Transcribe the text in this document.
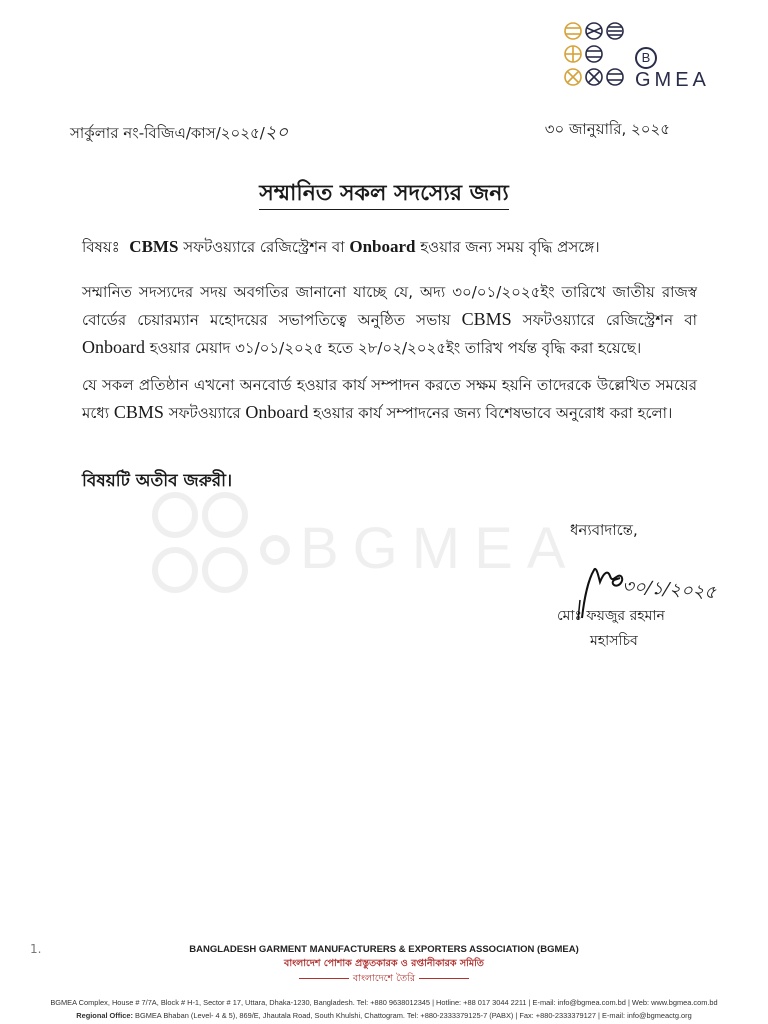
BGMEA
BGMEA
সার্কুলার নং-বিজিএ/কাস/২০২৫/২০	৩০ জানুয়ারি, ২০২৫
সম্মানিত সকল সদস্যের জন্য
বিষয়ঃ CBMS সফটওয়্যারে রেজিস্ট্রেশন বা Onboard হওয়ার জন্য সময় বৃদ্ধি প্রসঙ্গে।
সম্মানিত সদস্যদের সদয় অবগতির জানানো যাচ্ছে যে, অদ্য ৩০/০১/২০২৫ইং তারিখে জাতীয় রাজস্ব বোর্ডের চেয়ারম্যান মহোদয়ের সভাপতিত্বে অনুষ্ঠিত সভায় CBMS সফটওয়্যারে রেজিস্ট্রেশন বা Onboard হওয়ার মেয়াদ ৩১/০১/২০২৫ হতে ২৮/০২/২০২৫ইং তারিখ পর্যন্ত বৃদ্ধি করা হয়েছে।
যে সকল প্রতিষ্ঠান এখনো অনবোর্ড হওয়ার কার্য সম্পাদন করতে সক্ষম হয়নি তাদেরকে উল্লেখিত সময়ের মধ্যে CBMS সফটওয়্যারে Onboard হওয়ার কার্য সম্পাদনের জন্য বিশেষভাবে অনুরোধ করা হলো।
বিষয়টি অতীব জরুরী।
ধন্যবাদান্তে,
৩০/১/২০২৫
মোঃ ফয়জুর রহমান
মহাসচিব
1.	BANGLADESH GARMENT MANUFACTURERS & EXPORTERS ASSOCIATION (BGMEA)
বাংলাদেশ পোশাক প্রস্তুতকারক ও রপ্তানীকারক সমিতি
বাংলাদেশে তৈরি
BGMEA Complex, House # 7/7A, Block # H-1, Sector # 17, Uttara, Dhaka-1230, Bangladesh. Tel: +880 9638012345 | Hotline: +88 017 3044 2211 | E-mail: info@bgmea.com.bd | Web: www.bgmea.com.bd
Regional Office: BGMEA Bhaban (Level- 4 & 5), 869/E, Jhautala Road, South Khulshi, Chattogram. Tel: +880-2333379125-7 (PABX) | Fax: +880-2333379127 | E-mail: info@bgmeactg.org
